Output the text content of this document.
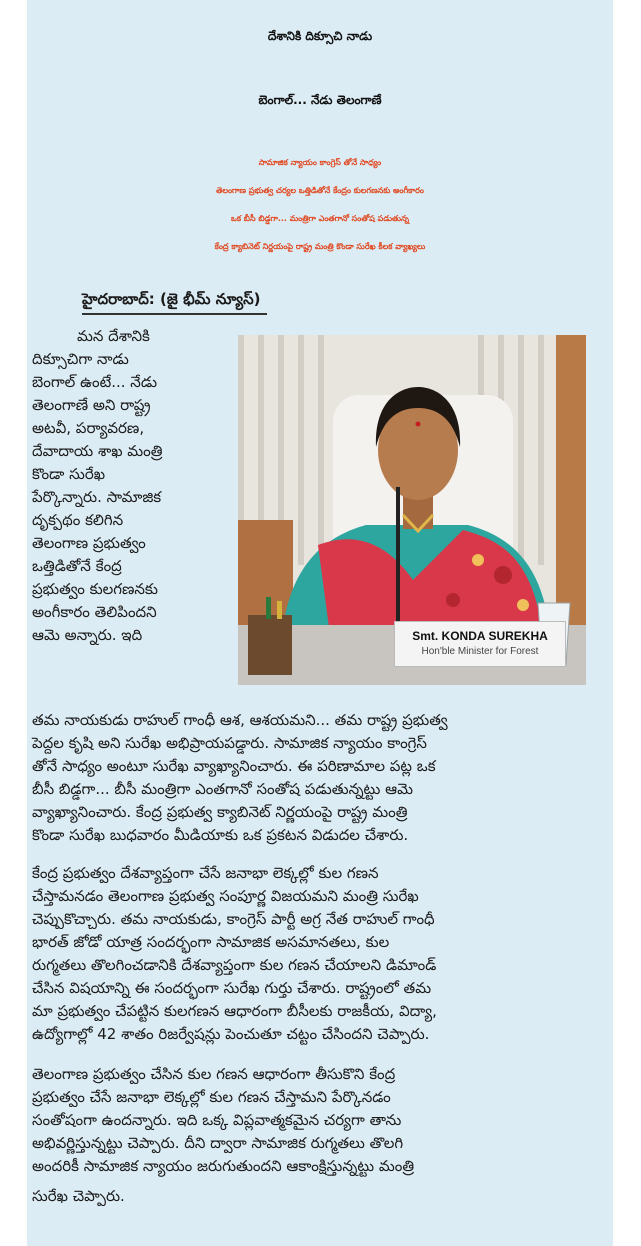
దేశానికి దిక్సూచి నాడు
బెంగాల్... నేడు తెలంగాణే
సామాజిక న్యాయం కాంగ్రెస్ తోనే సాధ్యం
తెలంగాణ ప్రభుత్వ చర్యల ఒత్తిడితోనే కేంద్రం కులగణనకు అంగీకారం
ఒక బీసీ బిడ్డగా... మంత్రిగా ఎంతగానో సంతోష పడుతున్న
కేంద్ర క్యాబినెట్ నిర్ణయంపై రాష్ట్ర మంత్రి కొండా సురేఖ కీలక వ్యాఖ్యలు
హైదరాబాద్: (జై భీమ్ న్యూస్)
మన దేశానికి
దిక్సూచిగా నాడు
బెంగాల్ ఉంటే... నేడు
తెలంగాణే అని రాష్ట్ర
అటవీ, పర్యావరణ,
దేవాదాయ శాఖ మంత్రి
కొండా సురేఖ
పేర్కొన్నారు. సామాజిక
దృక్పథం కలిగిన
తెలంగాణ ప్రభుత్వం
ఒత్తిడితోనే కేంద్ర
ప్రభుత్వం కులగణనకు
అంగీకారం తెలిపిందని
ఆమె అన్నారు. ఇది	Smt. KONDA SUREKHA
Hon'ble Minister for Forest
తమ నాయకుడు రాహుల్ గాంధీ ఆశ, ఆశయమని... తమ రాష్ట్ర ప్రభుత్వ
పెద్దల కృషి అని సురేఖ అభిప్రాయపడ్డారు. సామాజిక న్యాయం కాంగ్రెస్
తోనే సాధ్యం అంటూ సురేఖ వ్యాఖ్యానించారు. ఈ పరిణామాల పట్ల ఒక
బీసీ బిడ్డగా... బీసీ మంత్రిగా ఎంతగానో సంతోష పడుతున్నట్టు ఆమె
వ్యాఖ్యానించారు. కేంద్ర ప్రభుత్వ క్యాబినెట్ నిర్ణయంపై రాష్ట్ర మంత్రి
కొండా సురేఖ బుధవారం మీడియాకు ఒక ప్రకటన విడుదల చేశారు.
కేంద్ర ప్రభుత్వం దేశవ్యాప్తంగా చేసే జనాభా లెక్కల్లో కుల గణన
చేస్తామనడం తెలంగాణ ప్రభుత్వ సంపూర్ణ విజయమని మంత్రి సురేఖ
చెప్పుకొచ్చారు. తమ నాయకుడు, కాంగ్రెస్ పార్టీ అగ్ర నేత రాహుల్ గాంధీ
భారత్ జోడో యాత్ర సందర్భంగా సామాజిక అసమానతలు, కుల
రుగ్మతలు తొలగించడానికి దేశవ్యాప్తంగా కుల గణన చేయాలని డిమాండ్
చేసిన విషయాన్ని ఈ సందర్భంగా సురేఖ గుర్తు చేశారు. రాష్ట్రంలో తమ
మా ప్రభుత్వం చేపట్టిన కులగణన ఆధారంగా బీసీలకు రాజకీయ, విద్యా,
ఉద్యోగాల్లో 42 శాతం రిజర్వేషన్లు పెంచుతూ చట్టం చేసిందని చెప్పారు.
తెలంగాణ ప్రభుత్వం చేసిన కుల గణన ఆధారంగా తీసుకొని కేంద్ర
ప్రభుత్వం చేసే జనాభా లెక్కల్లో కుల గణన చేస్తామని పేర్కొనడం
సంతోషంగా ఉందన్నారు. ఇది ఒక్క విప్లవాత్మకమైన చర్యగా తాను
అభివర్ణిస్తున్నట్టు చెప్పారు. దీని ద్వారా సామాజిక రుగ్మతలు తొలగి
అందరికీ సామాజిక న్యాయం జరుగుతుందని ఆకాంక్షిస్తున్నట్టు మంత్రి
సురేఖ చెప్పారు.
